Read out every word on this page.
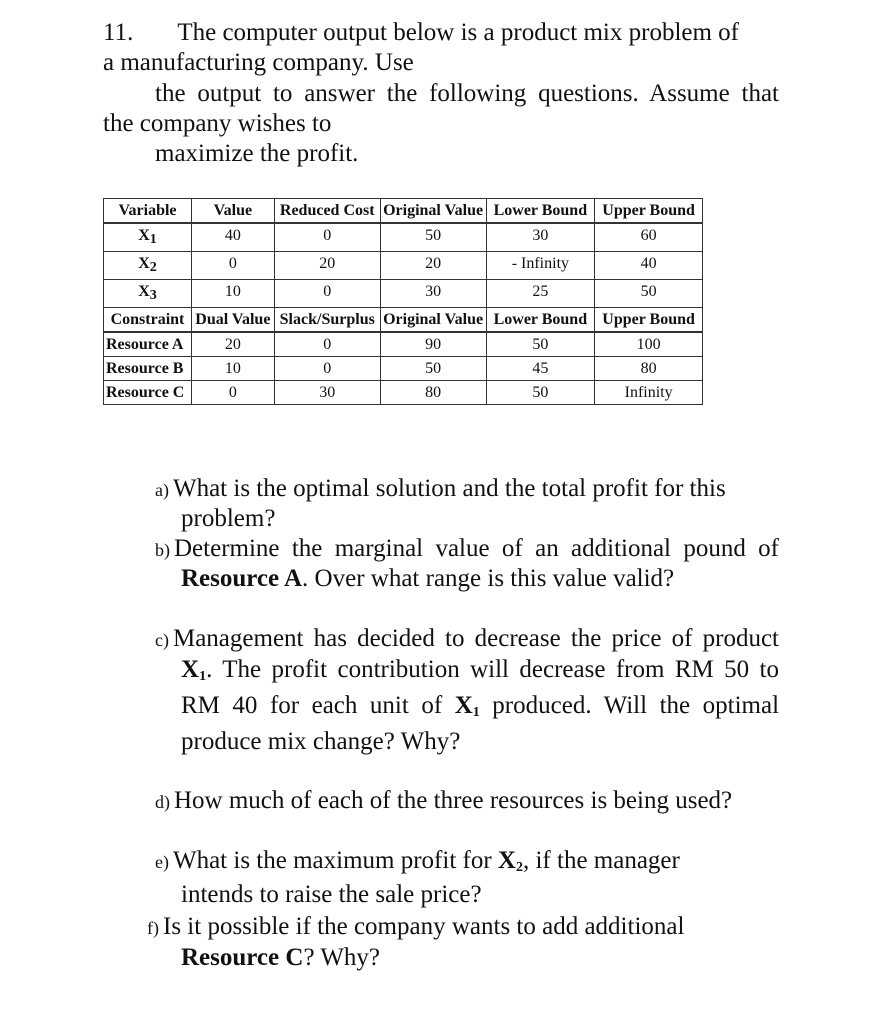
11. The computer output below is a product mix problem of
a manufacturing company. Use
the output to answer the following questions. Assume that
the company wishes to
maximize the profit.
Variable	Value	Reduced Cost	Original Value	Lower Bound	Upper Bound
X1	40	0	50	30	60
X2	0	20	20	- Infinity	40
X3	10	0	30	25	50
Constraint	Dual Value	Slack/Surplus	Original Value	Lower Bound	Upper Bound
Resource A	20	0	90	50	100
Resource B	10	0	50	45	80
Resource C	0	30	80	50	Infinity
a) What is the optimal solution and the total profit for this
problem?
b) Determine the marginal value of an additional pound of
Resource A. Over what range is this value valid?
c) Management has decided to decrease the price of product
$X_1$. The profit contribution will decrease from RM 50 to
RM 40 for each unit of $X_1$ produced. Will the optimal
produce mix change? Why?
d) How much of each of the three resources is being used?
e) What is the maximum profit for $X_2$, if the manager
intends to raise the sale price?
f) Is it possible if the company wants to add additional
Resource C? Why?
